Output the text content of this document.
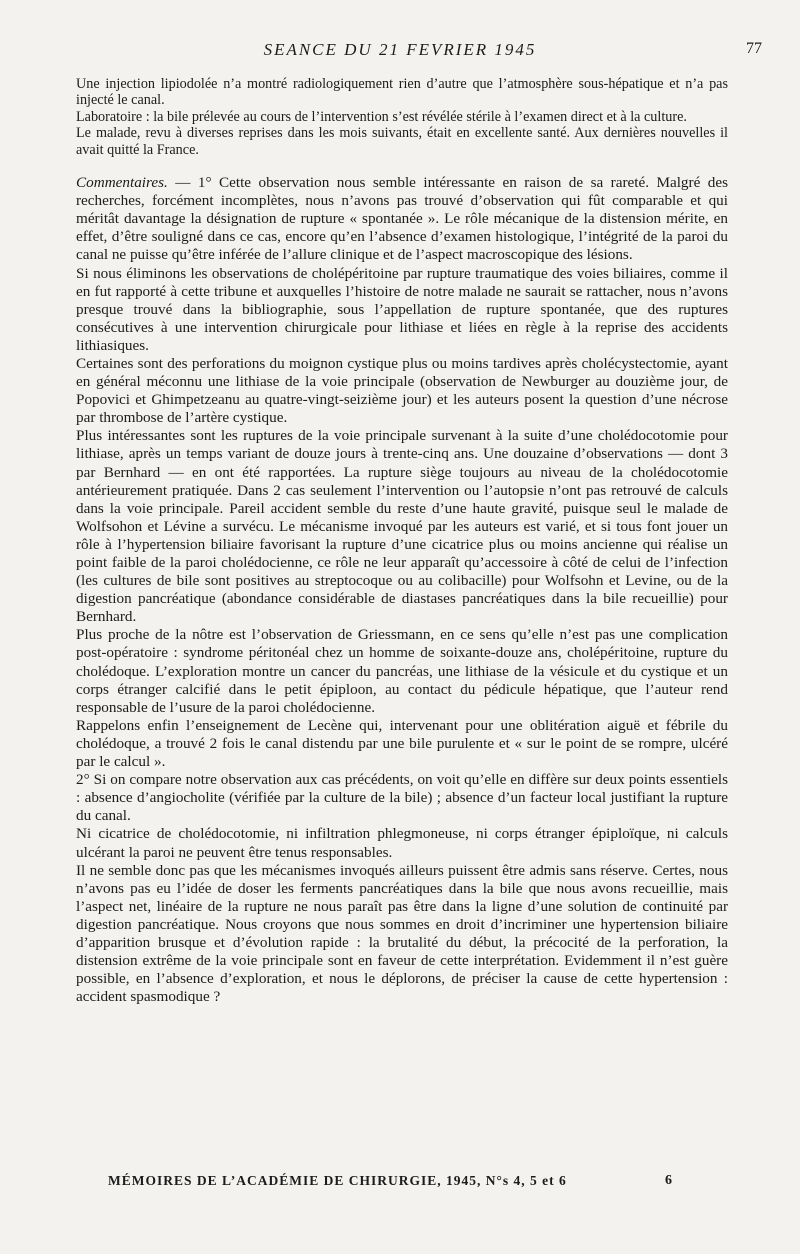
SEANCE DU 21 FEVRIER 1945	77

Une injection lipiodolée n’a montré radiologiquement rien d’autre que l’atmosphère sous-hépatique et n’a pas injecté le canal.

Laboratoire : la bile prélevée au cours de l’intervention s’est révélée stérile à l’examen direct et à la culture.

Le malade, revu à diverses reprises dans les mois suivants, était en excellente santé. Aux dernières nouvelles il avait quitté la France.

Commentaires. — 1° Cette observation nous semble intéressante en raison de sa rareté. Malgré des recherches, forcément incomplètes, nous n’avons pas trouvé d’observation qui fût comparable et qui méritât davantage la désignation de rupture « spontanée ». Le rôle mécanique de la distension mérite, en effet, d’être souligné dans ce cas, encore qu’en l’absence d’examen histologique, l’intégrité de la paroi du canal ne puisse qu’être inférée de l’allure clinique et de l’aspect macroscopique des lésions.

Si nous éliminons les observations de cholépéritoine par rupture traumatique des voies biliaires, comme il en fut rapporté à cette tribune et auxquelles l’histoire de notre malade ne saurait se rattacher, nous n’avons presque trouvé dans la bibliographie, sous l’appellation de rupture spontanée, que des ruptures consécutives à une intervention chirurgicale pour lithiase et liées en règle à la reprise des accidents lithiasiques.

Certaines sont des perforations du moignon cystique plus ou moins tardives après cholécystectomie, ayant en général méconnu une lithiase de la voie principale (observation de Newburger au douzième jour, de Popovici et Ghimpetzeanu au quatre-vingt-seizième jour) et les auteurs posent la question d’une nécrose par thrombose de l’artère cystique.

Plus intéressantes sont les ruptures de la voie principale survenant à la suite d’une cholédocotomie pour lithiase, après un temps variant de douze jours à trente-cinq ans. Une douzaine d’observations — dont 3 par Bernhard — en ont été rapportées. La rupture siège toujours au niveau de la cholédocotomie antérieurement pratiquée. Dans 2 cas seulement l’intervention ou l’autopsie n’ont pas retrouvé de calculs dans la voie principale. Pareil accident semble du reste d’une haute gravité, puisque seul le malade de Wolfsohon et Lévine a survécu. Le mécanisme invoqué par les auteurs est varié, et si tous font jouer un rôle à l’hypertension biliaire favorisant la rupture d’une cicatrice plus ou moins ancienne qui réalise un point faible de la paroi cholédocienne, ce rôle ne leur apparaît qu’accessoire à côté de celui de l’infection (les cultures de bile sont positives au streptocoque ou au colibacille) pour Wolfsohn et Levine, ou de la digestion pancréatique (abondance considérable de diastases pancréatiques dans la bile recueillie) pour Bernhard.

Plus proche de la nôtre est l’observation de Griessmann, en ce sens qu’elle n’est pas une complication post-opératoire : syndrome péritonéal chez un homme de soixante-douze ans, cholépéritoine, rupture du cholédoque. L’exploration montre un cancer du pancréas, une lithiase de la vésicule et du cystique et un corps étranger calcifié dans le petit épiploon, au contact du pédicule hépatique, que l’auteur rend responsable de l’usure de la paroi cholédocienne.

Rappelons enfin l’enseignement de Lecène qui, intervenant pour une oblitération aiguë et fébrile du cholédoque, a trouvé 2 fois le canal distendu par une bile purulente et « sur le point de se rompre, ulcéré par le calcul ».

2° Si on compare notre observation aux cas précédents, on voit qu’elle en diffère sur deux points essentiels : absence d’angiocholite (vérifiée par la culture de la bile) ; absence d’un facteur local justifiant la rupture du canal.

Ni cicatrice de cholédocotomie, ni infiltration phlegmoneuse, ni corps étranger épiploïque, ni calculs ulcérant la paroi ne peuvent être tenus responsables.

Il ne semble donc pas que les mécanismes invoqués ailleurs puissent être admis sans réserve. Certes, nous n’avons pas eu l’idée de doser les ferments pancréatiques dans la bile que nous avons recueillie, mais l’aspect net, linéaire de la rupture ne nous paraît pas être dans la ligne d’une solution de continuité par digestion pancréatique. Nous croyons que nous sommes en droit d’incriminer une hypertension biliaire d’apparition brusque et d’évolution rapide : la brutalité du début, la précocité de la perforation, la distension extrême de la voie principale sont en faveur de cette interprétation. Evidemment il n’est guère possible, en l’absence d’exploration, et nous le déplorons, de préciser la cause de cette hypertension : accident spasmodique ?

MÉMOIRES DE L’ACADÉMIE DE CHIRURGIE, 1945, N°s 4, 5 et 6	6
